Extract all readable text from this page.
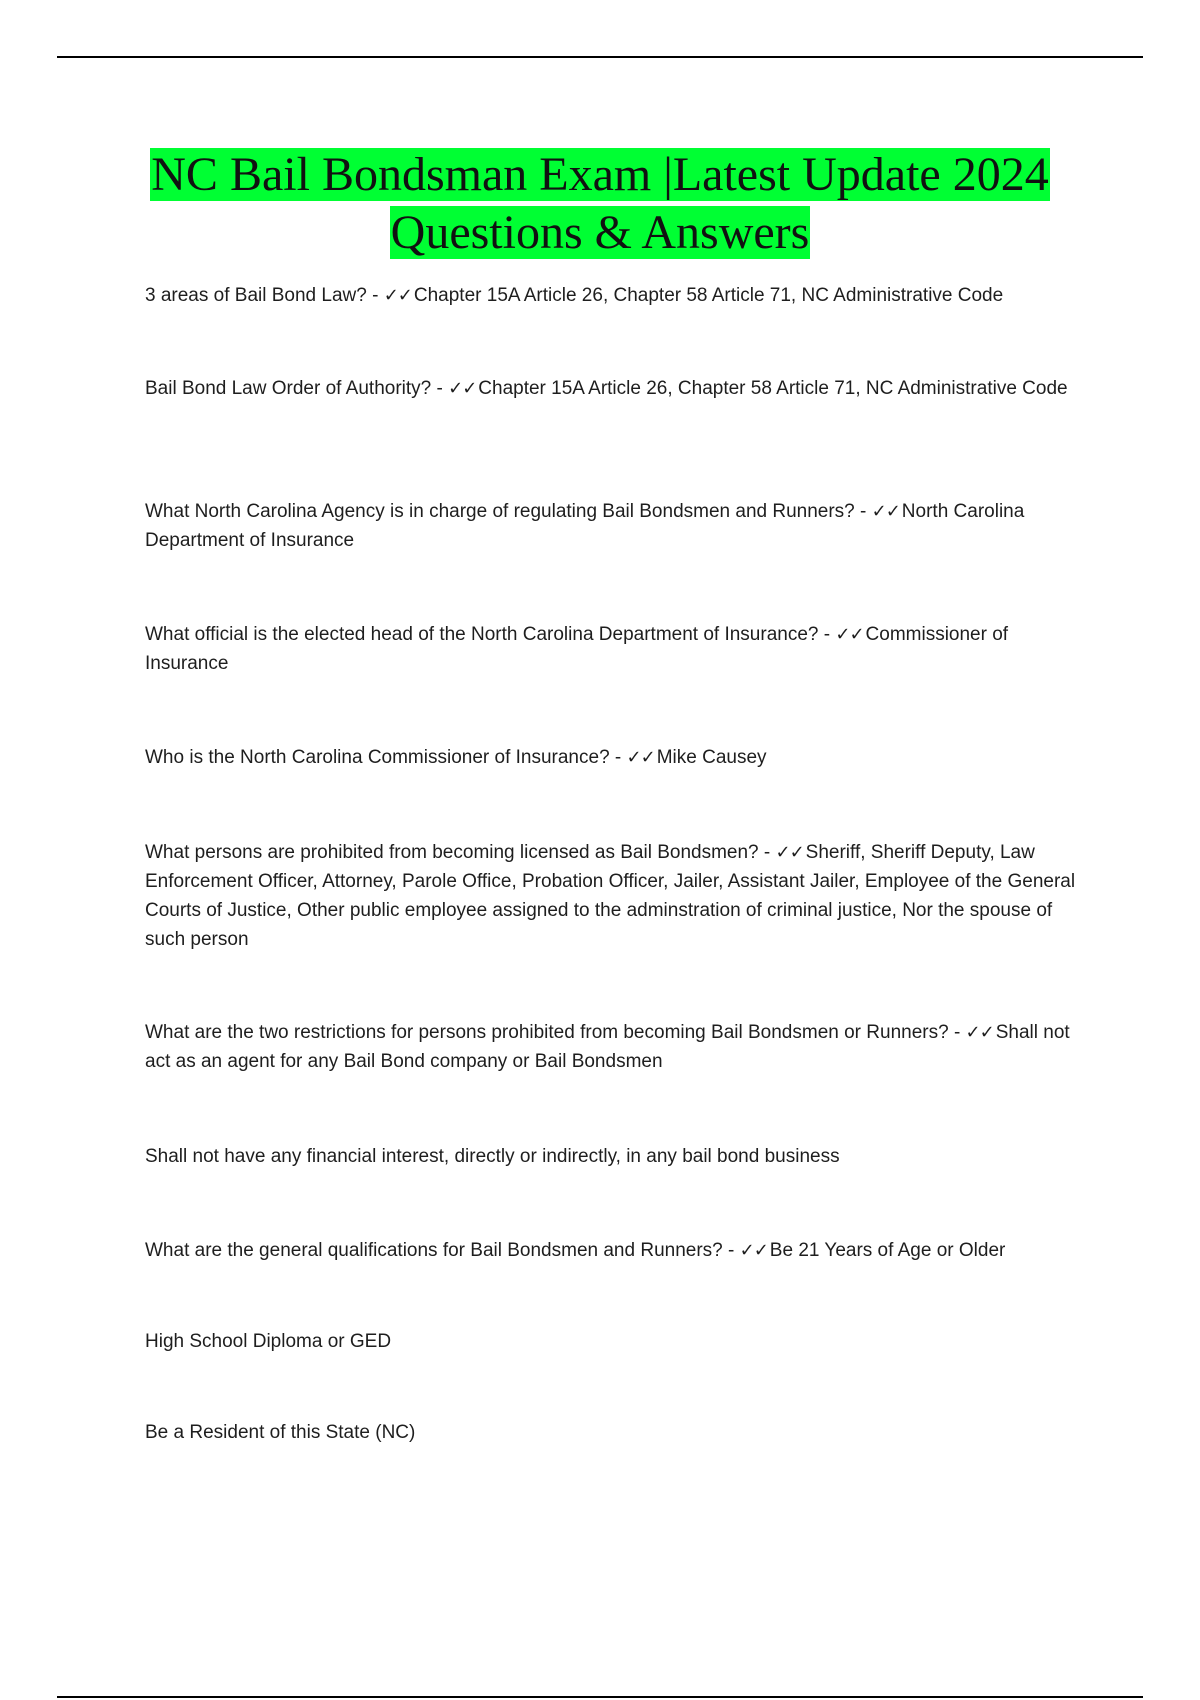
NC Bail Bondsman Exam |Latest Update 2024
Questions & Answers

3 areas of Bail Bond Law? - ✓✓ Chapter 15A Article 26, Chapter 58 Article 71, NC Administrative Code

Bail Bond Law Order of Authority? - ✓✓ Chapter 15A Article 26, Chapter 58 Article 71, NC Administrative Code

What North Carolina Agency is in charge of regulating Bail Bondsmen and Runners? - ✓✓ North Carolina Department of Insurance

What official is the elected head of the North Carolina Department of Insurance? - ✓✓ Commissioner of Insurance

Who is the North Carolina Commissioner of Insurance? - ✓✓ Mike Causey

What persons are prohibited from becoming licensed as Bail Bondsmen? - ✓✓ Sheriff, Sheriff Deputy, Law Enforcement Officer, Attorney, Parole Office, Probation Officer, Jailer, Assistant Jailer, Employee of the General Courts of Justice, Other public employee assigned to the adminstration of criminal justice, Nor the spouse of such person

What are the two restrictions for persons prohibited from becoming Bail Bondsmen or Runners? - ✓✓ Shall not act as an agent for any Bail Bond company or Bail Bondsmen

Shall not have any financial interest, directly or indirectly, in any bail bond business

What are the general qualifications for Bail Bondsmen and Runners? - ✓✓ Be 21 Years of Age or Older

High School Diploma or GED

Be a Resident of this State (NC)
